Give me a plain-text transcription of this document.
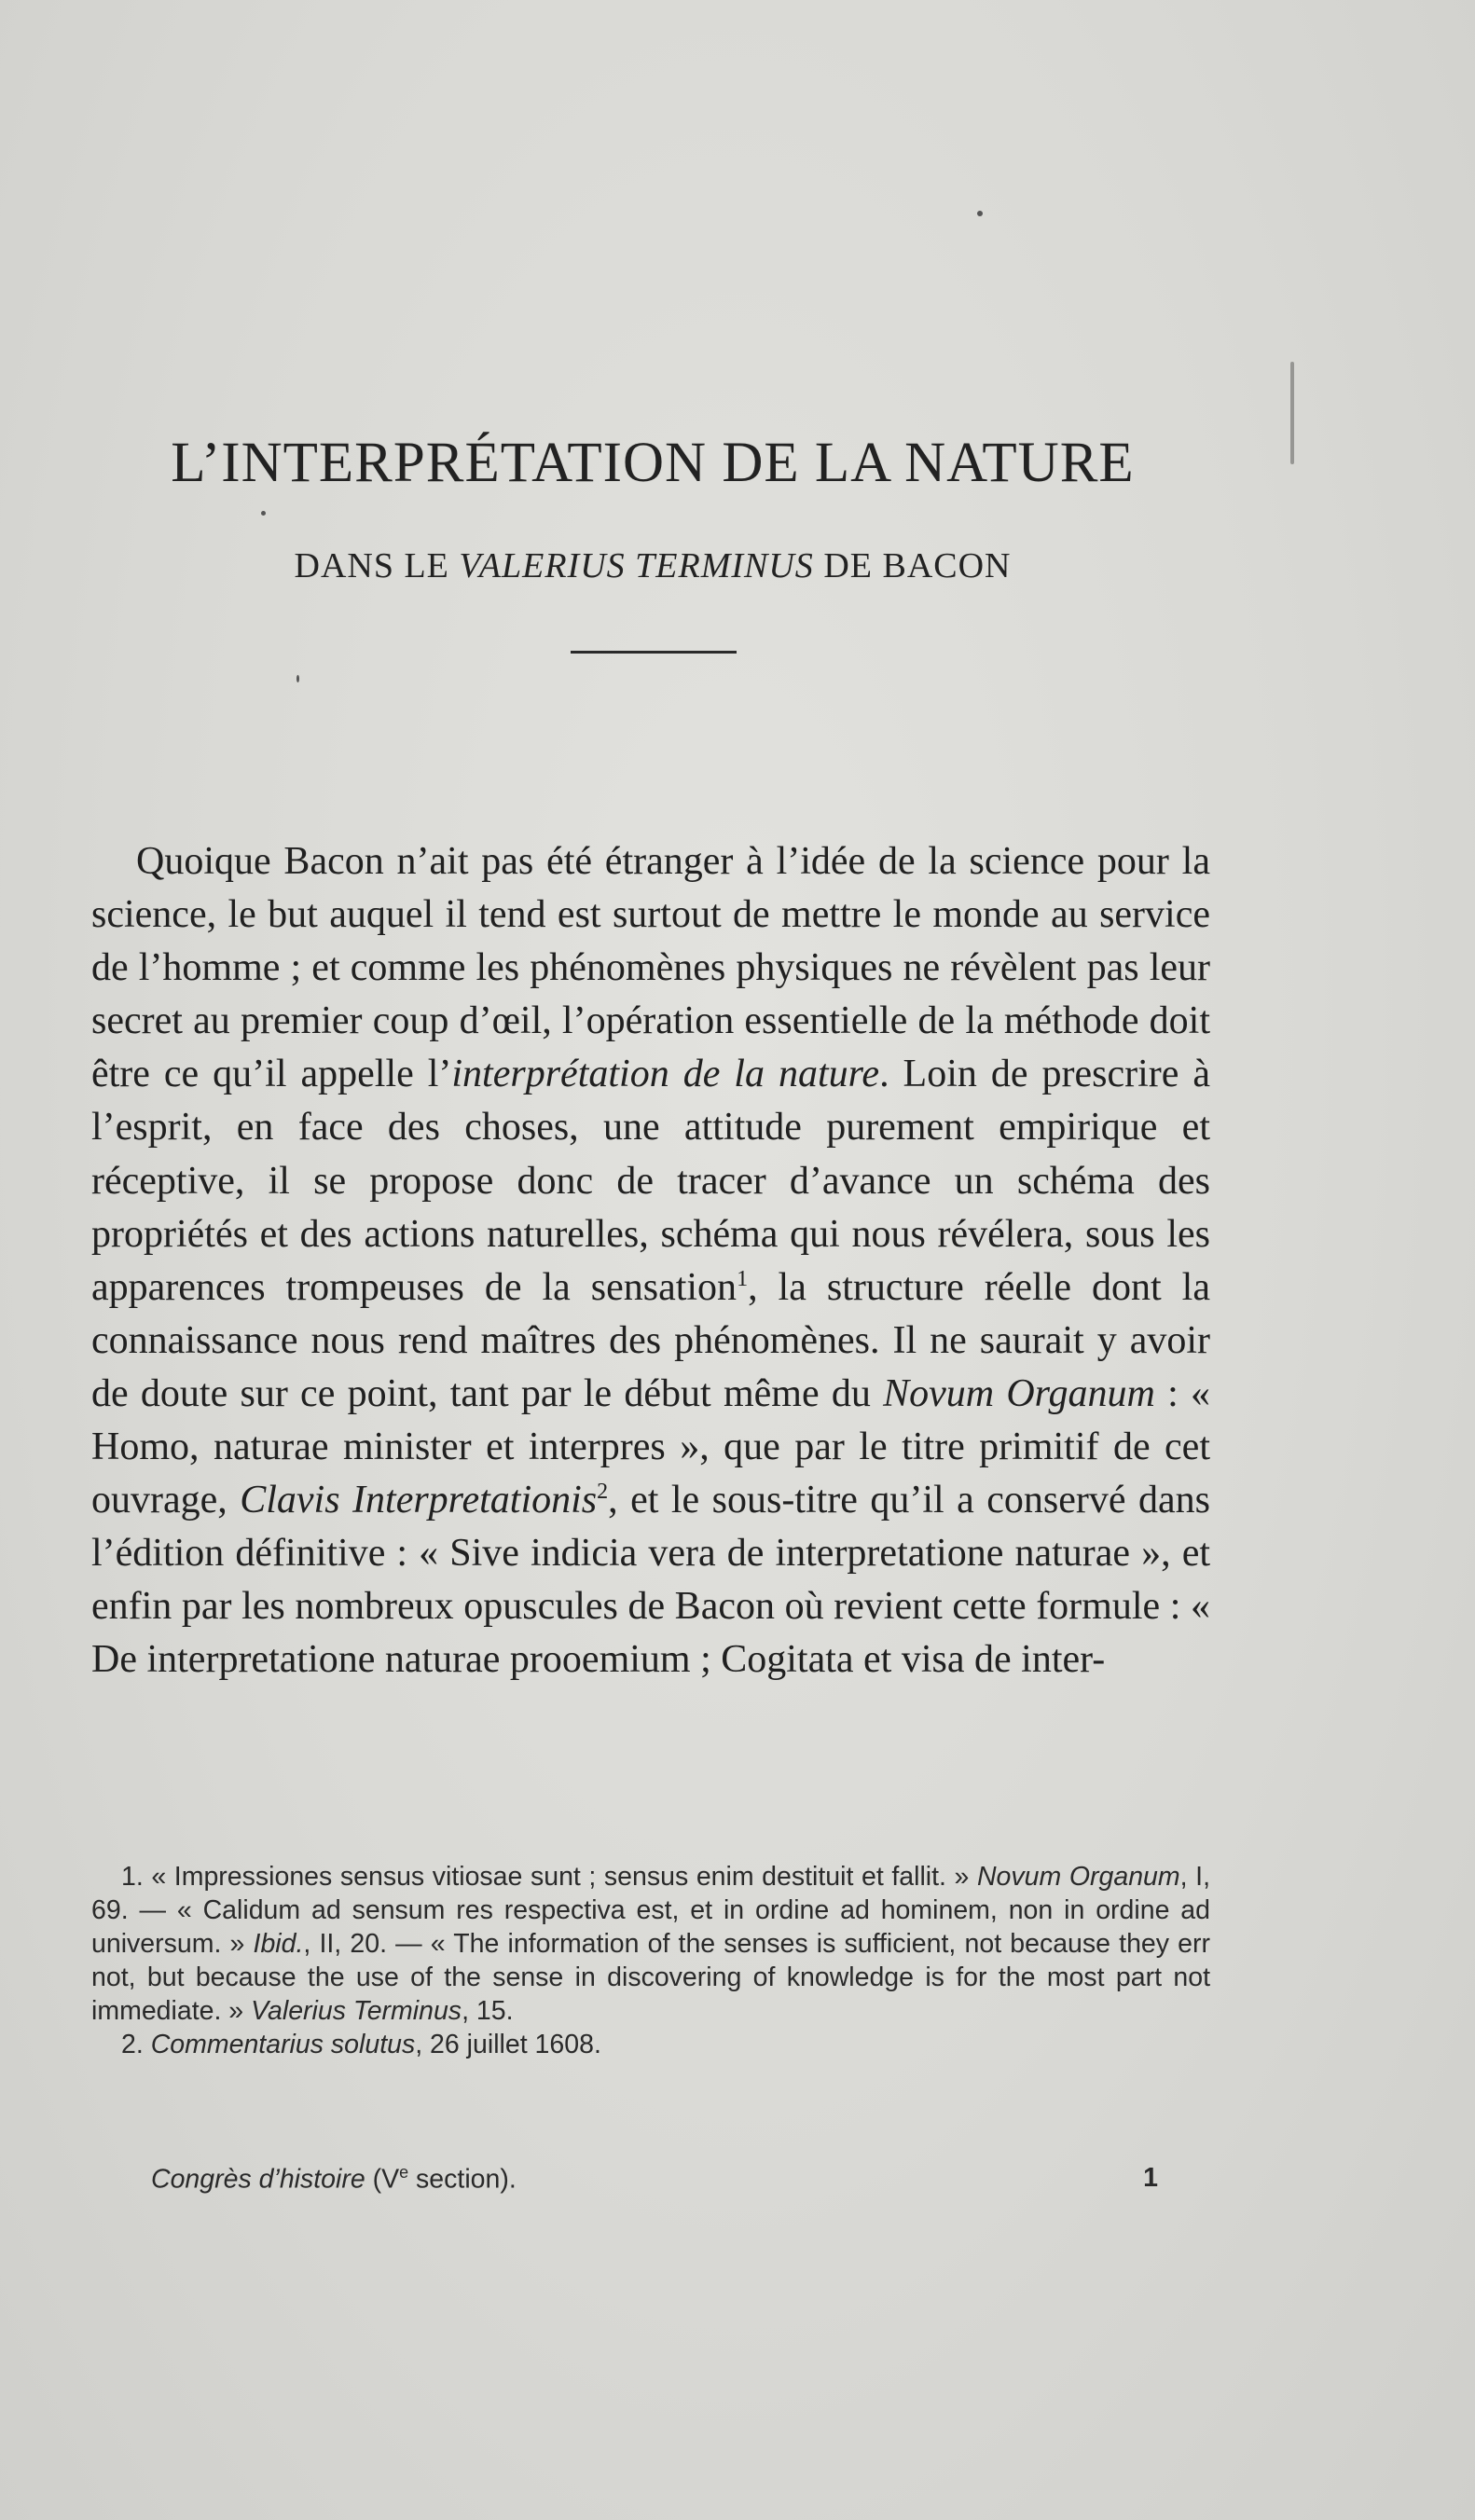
L’INTERPRÉTATION DE LA NATURE
DANS LE VALERIUS TERMINUS DE BACON

Quoique Bacon n’ait pas été étranger à l’idée de la science pour la science, le but auquel il tend est surtout de mettre le monde au service de l’homme ; et comme les phénomènes physiques ne révèlent pas leur secret au premier coup d’œil, l’opération essentielle de la méthode doit être ce qu’il appelle l’interprétation de la nature. Loin de prescrire à l’esprit, en face des choses, une attitude purement empirique et réceptive, il se propose donc de tracer d’avance un schéma des propriétés et des actions naturelles, schéma qui nous révélera, sous les apparences trompeuses de la sensation$^1$, la structure réelle dont la connaissance nous rend maîtres des phénomènes. Il ne saurait y avoir de doute sur ce point, tant par le début même du Novum Organum : « Homo, naturae minister et interpres », que par le titre primitif de cet ouvrage, Clavis Interpretationis$^2$, et le sous-titre qu’il a conservé dans l’édition définitive : « Sive indicia vera de interpretatione naturae », et enfin par les nombreux opuscules de Bacon où revient cette formule : « De interpretatione naturae prooemium ; Cogitata et visa de inter-

1. « Impressiones sensus vitiosae sunt ; sensus enim destituit et fallit. » Novum Organum, I, 69. — « Calidum ad sensum res respectiva est, et in ordine ad hominem, non in ordine ad universum. » Ibid., II, 20. — « The information of the senses is sufficient, not because they err not, but because the use of the sense in discovering of knowledge is for the most part not immediate. » Valerius Terminus, 15.

2. Commentarius solutus, 26 juillet 1608.

Congrès d’histoire (Ve section).	1
